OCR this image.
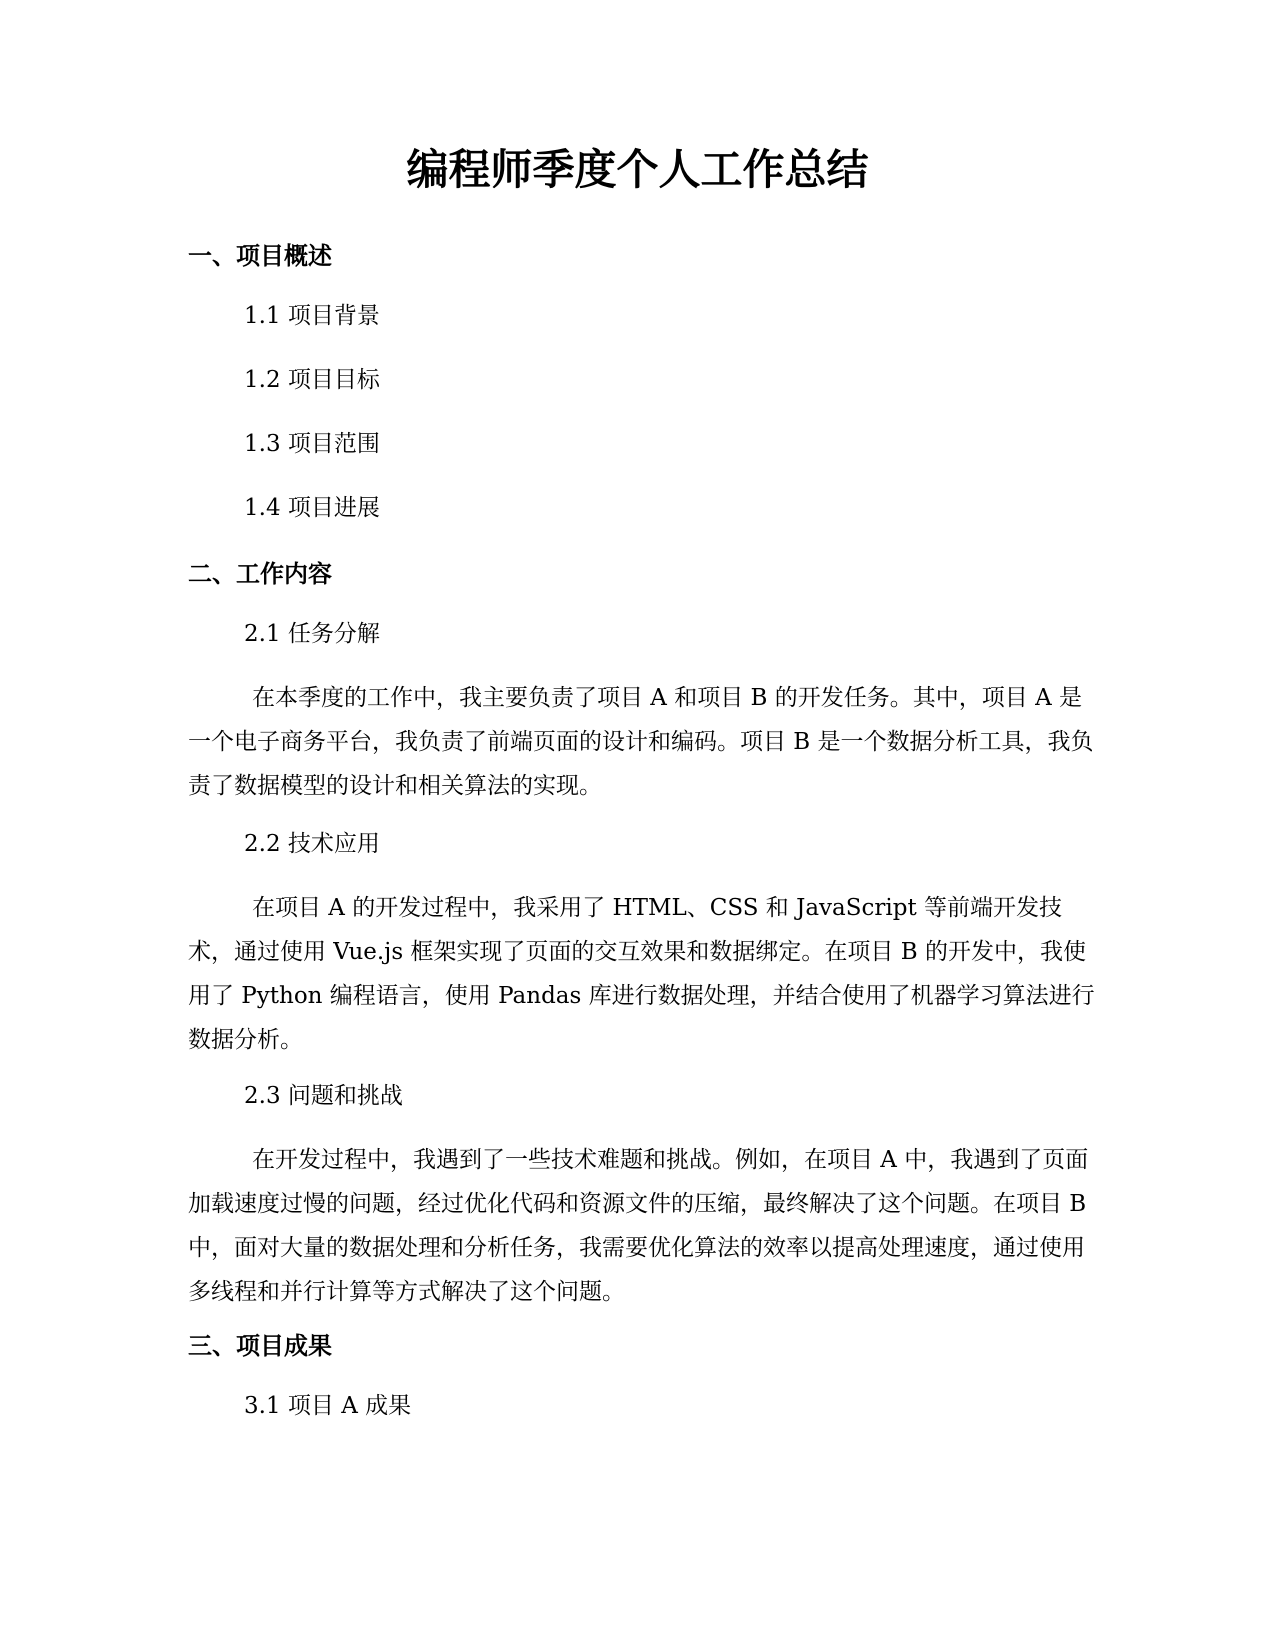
编程师季度个人工作总结
一、项目概述
1.1 项目背景
1.2 项目目标
1.3 项目范围
1.4 项目进展
二、工作内容
2.1 任务分解

在本季度的工作中，我主要负责了项目 A 和项目 B 的开发任务。其中，项目 A 是一个电子商务平台，我负责了前端页面的设计和编码。项目 B 是一个数据分析工具，我负责了数据模型的设计和相关算法的实现。

2.2 技术应用

在项目 A 的开发过程中，我采用了 HTML、CSS 和 JavaScript 等前端开发技术，通过使用 Vue.js 框架实现了页面的交互效果和数据绑定。在项目 B 的开发中，我使用了 Python 编程语言，使用 Pandas 库进行数据处理，并结合使用了机器学习算法进行数据分析。

2.3 问题和挑战

在开发过程中，我遇到了一些技术难题和挑战。例如，在项目 A 中，我遇到了页面加载速度过慢的问题，经过优化代码和资源文件的压缩，最终解决了这个问题。在项目 B 中，面对大量的数据处理和分析任务，我需要优化算法的效率以提高处理速度，通过使用多线程和并行计算等方式解决了这个问题。

三、项目成果
3.1 项目 A 成果
